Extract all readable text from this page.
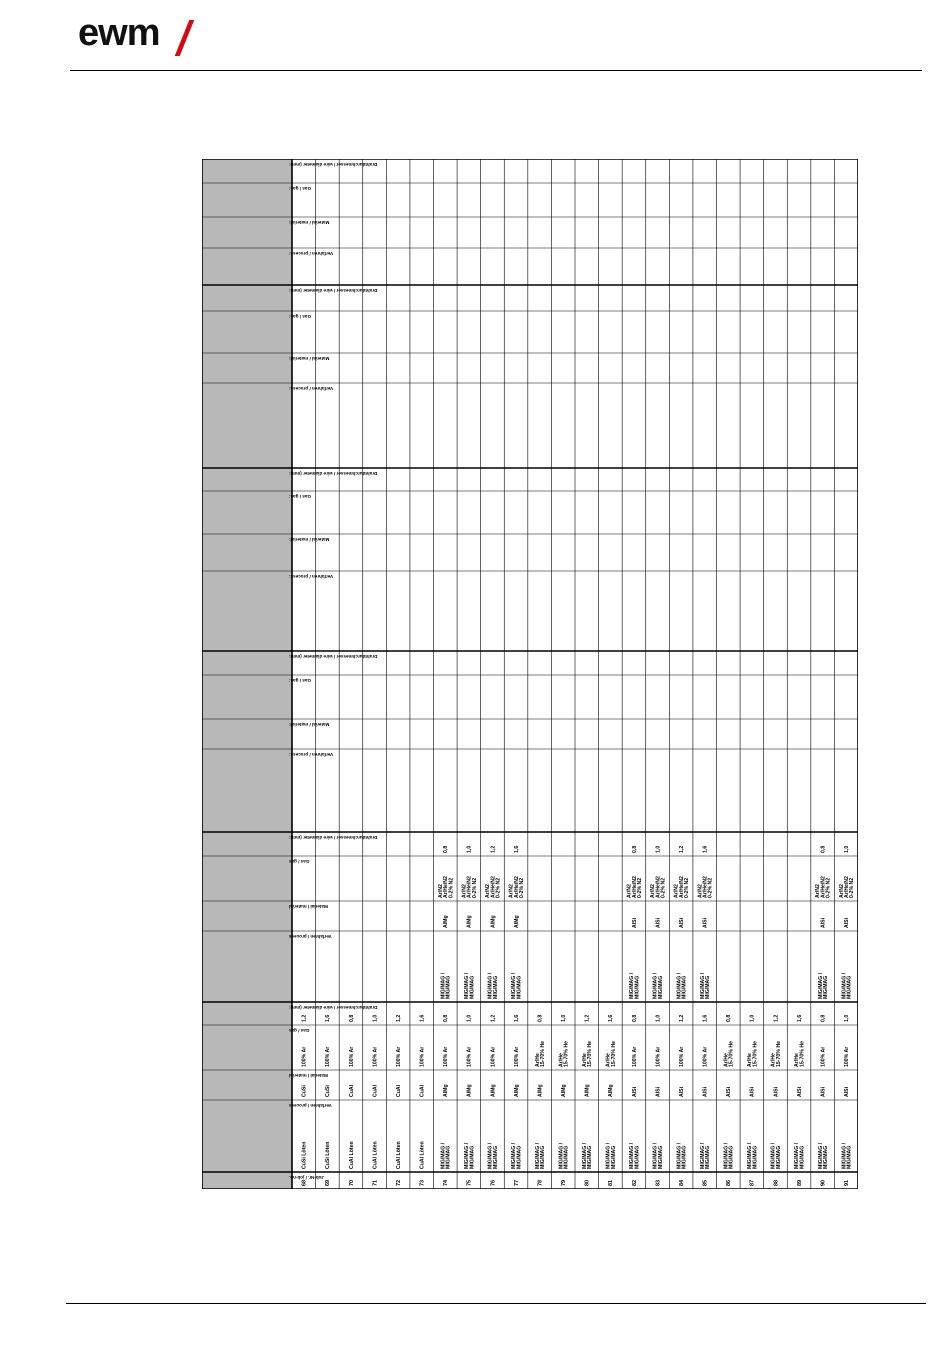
ewm
Drahtdurchmesser / wire diameter (mm):
Gas / gas:
Material / material:
Verfahren / process:
Drahtdurchmesser / wire diameter (mm):
Gas / gas:
Material / material:
Verfahren / process:
Drahtdurchmesser / wire diameter (mm):
Gas / gas:
Material / material:
Verfahren / process:
Drahtdurchmesser / wire diameter (mm):
Gas / gas:
Material / material:
Verfahren / process:
Drahtdurchmesser / wire diameter (mm):
Gas / gas
Material / material
Verfahren / process
Drahtdurchmesser / wire diameter (mm):
Gas / gas
Material / material
Verfahren / process
Job-Nr. / job-no.
1,2
100% Ar
CuSi
CuSi Löten
68
1,6
100% Ar
CuSi
CuSi Löten
69
0,8
100% Ar
CuAl
CuAl Löten
70
1,0
100% Ar
CuAl
CuAl Löten
71
1,2
100% Ar
CuAl
CuAl Löten
72
1,6
100% Ar
CuAl
CuAl Löten
73
0,8
Ar/N2 Ar/He/N2 0-2% N2
AlMg
MIG/MAG / MIG/MAG
0,8
100% Ar
AlMg
MIG/MAG / MIG/MAG
74
1,0
Ar/N2 Ar/He/N2 0-2% N2
AlMg
MIG/MAG / MIG/MAG
1,0
100% Ar
AlMg
MIG/MAG / MIG/MAG
75
1,2
Ar/N2 Ar/He/N2 0-2% N2
AlMg
MIG/MAG / MIG/MAG
1,2
100% Ar
AlMg
MIG/MAG / MIG/MAG
76
1,6
Ar/N2 Ar/He/N2 0-2% N2
AlMg
MIG/MAG / MIG/MAG
1,6
100% Ar
AlMg
MIG/MAG / MIG/MAG
77
0,8
Ar/He 15-70% He
AlMg
MIG/MAG / MIG/MAG
78
1,0
Ar/He 15-70% He
AlMg
MIG/MAG / MIG/MAG
79
1,2
Ar/He 15-70% He
AlMg
MIG/MAG / MIG/MAG
80
1,6
Ar/He 15-70% He
AlMg
MIG/MAG / MIG/MAG
81
0,8
Ar/N2 Ar/He/N2 0-2% N2
AlSi
MIG/MAG / MIG/MAG
0,8
100% Ar
AlSi
MIG/MAG / MIG/MAG
82
1,0
Ar/N2 Ar/He/N2 0-2% N2
AlSi
MIG/MAG / MIG/MAG
1,0
100% Ar
AlSi
MIG/MAG / MIG/MAG
83
1,2
Ar/N2 Ar/He/N2 0-2% N2
AlSi
MIG/MAG / MIG/MAG
1,2
100% Ar
AlSi
MIG/MAG / MIG/MAG
84
1,6
Ar/N2 Ar/He/N2 0-2% N2
AlSi
MIG/MAG / MIG/MAG
1,6
100% Ar
AlSi
MIG/MAG / MIG/MAG
85
0,8
Ar/He 15-70% He
AlSi
MIG/MAG / MIG/MAG
86
1,0
Ar/He 15-70% He
AlSi
MIG/MAG / MIG/MAG
87
1,2
Ar/He 15-70% He
AlSi
MIG/MAG / MIG/MAG
88
1,6
Ar/He 15-70% He
AlSi
MIG/MAG / MIG/MAG
89
0,8
Ar/N2 Ar/He/N2 0-2% N2
AlSi
MIG/MAG / MIG/MAG
0,8
100% Ar
AlSi
MIG/MAG / MIG/MAG
90
1,0
Ar/N2 Ar/He/N2 0-2% N2
AlSi
MIG/MAG / MIG/MAG
1,0
100% Ar
AlSi
MIG/MAG / MIG/MAG
91
